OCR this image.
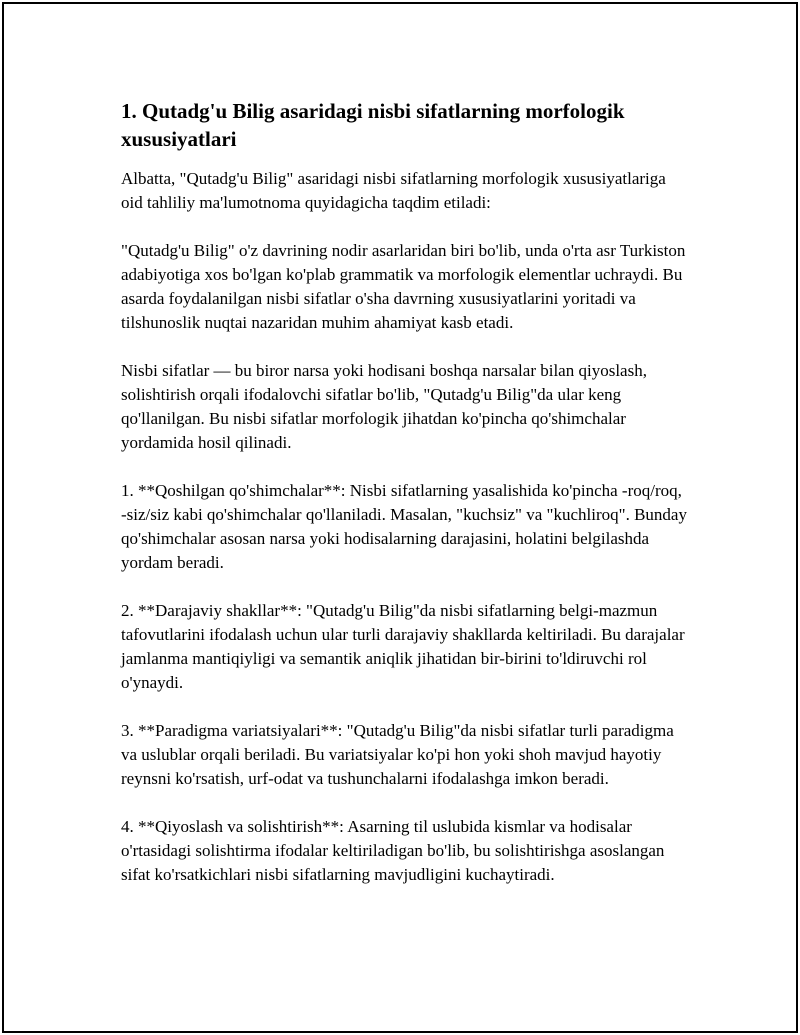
1. Qutadg'u Bilig asaridagi nisbi sifatlarning morfologik xususiyatlari

Albatta, "Qutadg'u Bilig" asaridagi nisbi sifatlarning morfologik xususiyatlariga oid tahliliy ma'lumotnoma quyidagicha taqdim etiladi:

"Qutadg'u Bilig" o'z davrining nodir asarlaridan biri bo'lib, unda o'rta asr Turkiston adabiyotiga xos bo'lgan ko'plab grammatik va morfologik elementlar uchraydi. Bu asarda foydalanilgan nisbi sifatlar o'sha davrning xususiyatlarini yoritadi va tilshunoslik nuqtai nazaridan muhim ahamiyat kasb etadi.

Nisbi sifatlar — bu biror narsa yoki hodisani boshqa narsalar bilan qiyoslash, solishtirish orqali ifodalovchi sifatlar bo'lib, "Qutadg'u Bilig"da ular keng qo'llanilgan. Bu nisbi sifatlar morfologik jihatdan ko'pincha qo'shimchalar yordamida hosil qilinadi.

1. **Qoshilgan qo'shimchalar**: Nisbi sifatlarning yasalishida ko'pincha -roq/roq, -siz/siz kabi qo'shimchalar qo'llaniladi. Masalan, "kuchsiz" va "kuchliroq". Bunday qo'shimchalar asosan narsa yoki hodisalarning darajasini, holatini belgilashda yordam beradi.

2. **Darajaviy shakllar**: "Qutadg'u Bilig"da nisbi sifatlarning belgi-mazmun tafovutlarini ifodalash uchun ular turli darajaviy shakllarda keltiriladi. Bu darajalar jamlanma mantiqiyligi va semantik aniqlik jihatidan bir-birini to'ldiruvchi rol o'ynaydi.

3. **Paradigma variatsiyalari**: "Qutadg'u Bilig"da nisbi sifatlar turli paradigma va uslublar orqali beriladi. Bu variatsiyalar ko'pi hon yoki shoh mavjud hayotiy reynsni ko'rsatish, urf-odat va tushunchalarni ifodalashga imkon beradi.

4. **Qiyoslash va solishtirish**: Asarning til uslubida kismlar va hodisalar o'rtasidagi solishtirma ifodalar keltiriladigan bo'lib, bu solishtirishga asoslangan sifat ko'rsatkichlari nisbi sifatlarning mavjudligini kuchaytiradi.
